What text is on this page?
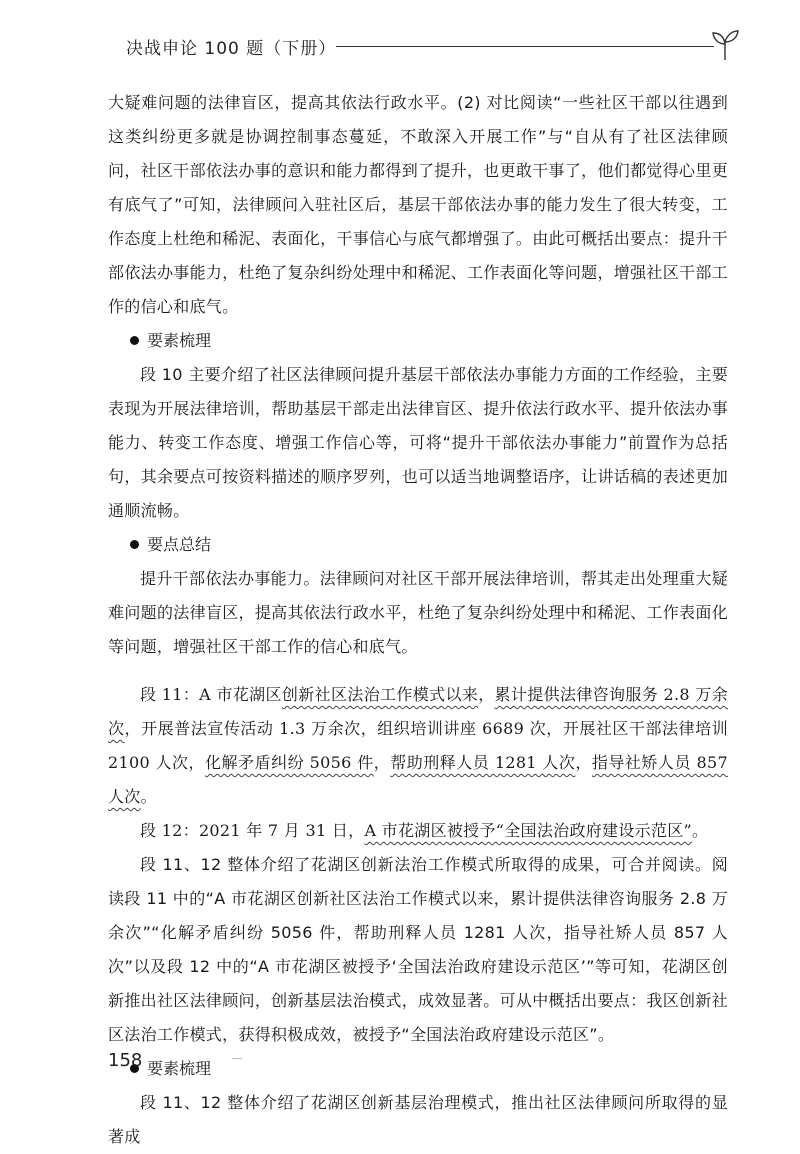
决战申论 100 题（下册）

大疑难问题的法律盲区，提高其依法行政水平。(2) 对比阅读“一些社区干部以往遇到这类纠纷更多就是协调控制事态蔓延，不敢深入开展工作”与“自从有了社区法律顾问，社区干部依法办事的意识和能力都得到了提升，也更敢干事了，他们都觉得心里更有底气了”可知，法律顾问入驻社区后，基层干部依法办事的能力发生了很大转变，工作态度上杜绝和稀泥、表面化，干事信心与底气都增强了。由此可概括出要点：提升干部依法办事能力，杜绝了复杂纠纷处理中和稀泥、工作表面化等问题，增强社区干部工作的信心和底气。

要素梳理

段 10 主要介绍了社区法律顾问提升基层干部依法办事能力方面的工作经验，主要表现为开展法律培训，帮助基层干部走出法律盲区、提升依法行政水平、提升依法办事能力、转变工作态度、增强工作信心等，可将“提升干部依法办事能力”前置作为总括句，其余要点可按资料描述的顺序罗列，也可以适当地调整语序，让讲话稿的表述更加通顺流畅。

要点总结

提升干部依法办事能力。法律顾问对社区干部开展法律培训，帮其走出处理重大疑难问题的法律盲区，提高其依法行政水平，杜绝了复杂纠纷处理中和稀泥、工作表面化等问题，增强社区干部工作的信心和底气。

段 11：A 市花湖区创新社区法治工作模式以来，累计提供法律咨询服务 2.8 万余次，开展普法宣传活动 1.3 万余次，组织培训讲座 6689 次，开展社区干部法律培训 2100 人次，化解矛盾纠纷 5056 件，帮助刑释人员 1281 人次，指导社矫人员 857 人次。

段 12：2021 年 7 月 31 日，A 市花湖区被授予“全国法治政府建设示范区”。

段 11、12 整体介绍了花湖区创新法治工作模式所取得的成果，可合并阅读。阅读段 11 中的“A 市花湖区创新社区法治工作模式以来，累计提供法律咨询服务 2.8 万余次”“化解矛盾纠纷 5056 件，帮助刑释人员 1281 人次，指导社矫人员 857 人次”以及段 12 中的“A 市花湖区被授予‘全国法治政府建设示范区’”等可知，花湖区创新推出社区法律顾问，创新基层法治模式，成效显著。可从中概括出要点：我区创新社区法治工作模式，获得积极成效，被授予“全国法治政府建设示范区”。

要素梳理

段 11、12 整体介绍了花湖区创新基层治理模式，推出社区法律顾问所取得的显著成

158
